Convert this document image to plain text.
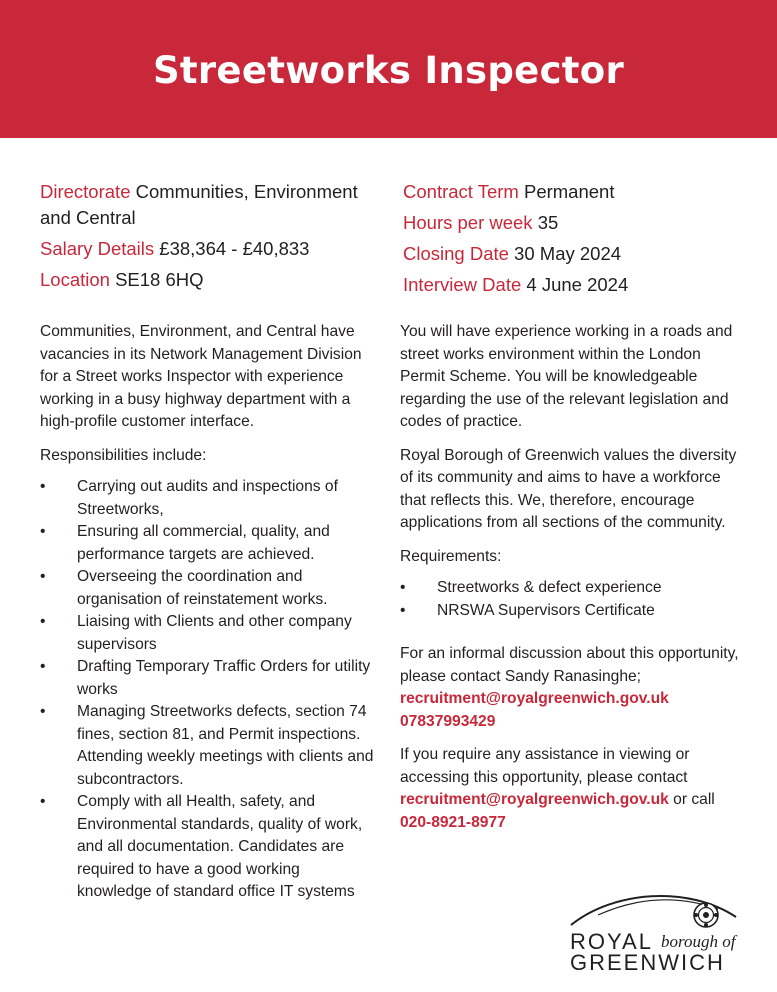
Streetworks Inspector
Directorate Communities, Environment and Central
Salary Details £38,364 - £40,833
Location SE18 6HQ
Contract Term Permanent
Hours per week 35
Closing Date 30 May 2024
Interview Date 4 June 2024

Communities, Environment, and Central have vacancies in its Network Management Division for a Street works Inspector with experience working in a busy highway department with a high-profile customer interface.

Responsibilities include:

• Carrying out audits and inspections of Streetworks,
• Ensuring all commercial, quality, and performance targets are achieved.
• Overseeing the coordination and organisation of reinstatement works.
• Liaising with Clients and other company supervisors
• Drafting Temporary Traffic Orders for utility works
• Managing Streetworks defects, section 74 fines, section 81, and Permit inspections. Attending weekly meetings with clients and subcontractors.
• Comply with all Health, safety, and Environmental standards, quality of work, and all documentation. Candidates are required to have a good working knowledge of standard office IT systems

You will have experience working in a roads and street works environment within the London Permit Scheme. You will be knowledgeable regarding the use of the relevant legislation and codes of practice.

Royal Borough of Greenwich values the diversity of its community and aims to have a workforce that reflects this. We, therefore, encourage applications from all sections of the community.

Requirements:

• Streetworks & defect experience
• NRSWA Supervisors Certificate

For an informal discussion about this opportunity, please contact Sandy Ranasinghe;
recruitment@royalgreenwich.gov.uk
07837993429

If you require any assistance in viewing or accessing this opportunity, please contact recruitment@royalgreenwich.gov.uk or call 020-8921-8977

ROYAL borough of
GREENWICH
